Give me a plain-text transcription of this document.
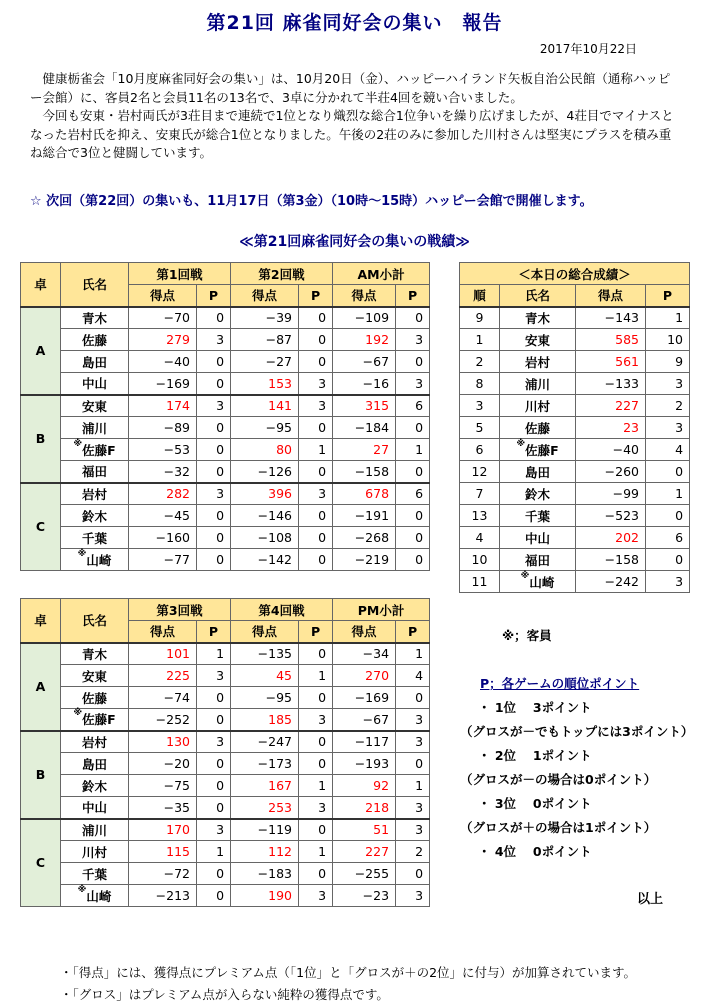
第21回 麻雀同好会の集い　報告
2017年10月22日

健康栃雀会「10月度麻雀同好会の集い」は、10月20日（金）、ハッピーハイランド矢板自治公民館（通称ハッピー会館）に、客員2名と会員11名の13名で、3卓に分かれて半荘4回を競い合いました。

今回も安東・岩村両氏が3荘目まで連続で1位となり熾烈な総合1位争いを繰り広げましたが、4荘目でマイナスとなった岩村氏を抑え、安東氏が総合1位となりました。午後の2荘のみに参加した川村さんは堅実にプラスを積み重ね総合で3位と健闘しています。

☆ 次回（第22回）の集いも、11月17日（第3金）（10時～15時）ハッピー会館で開催します。
≪第21回麻雀同好会の集いの戦績≫
卓	氏名	第1回戦		第2回戦		AM小計	
		得点	P	得点	P	得点	P
A	青木	−70	0	−39	0	−109	0
	佐藤	279	3	−87	0	192	3
	島田	−40	0	−27	0	−67	0
	中山	−169	0	153	3	−16	3
B	安東	174	3	141	3	315	6
	浦川	−89	0	−95	0	−184	0
	※佐藤F	−53	0	80	1	27	1
	福田	−32	0	−126	0	−158	0
C	岩村	282	3	396	3	678	6
	鈴木	−45	0	−146	0	−191	0
	千葉	−160	0	−108	0	−268	0
	※山崎	−77	0	−142	0	−219	0
卓	氏名	第3回戦		第4回戦		PM小計	
		得点	P	得点	P	得点	P
A	青木	101	1	−135	0	−34	1
	安東	225	3	45	1	270	4
	佐藤	−74	0	−95	0	−169	0
	※佐藤F	−252	0	185	3	−67	3
B	岩村	130	3	−247	0	−117	3
	島田	−20	0	−173	0	−193	0
	鈴木	−75	0	167	1	92	1
	中山	−35	0	253	3	218	3
C	浦川	170	3	−119	0	51	3
	川村	115	1	112	1	227	2
	千葉	−72	0	−183	0	−255	0
	※山崎	−213	0	190	3	−23	3
＜本日の総合成績＞			
順	氏名	得点	P
9	青木	−143	1
1	安東	585	10
2	岩村	561	9
8	浦川	−133	3
3	川村	227	2
5	佐藤	23	3
6	※佐藤F	−40	4
12	島田	−260	0
7	鈴木	−99	1
13	千葉	−523	0
4	中山	202	6
10	福田	−158	0
11	※山崎	−242	3
※；客員
P；各ゲームの順位ポイント
・ 1位　 3ポイント
（グロスが－でもトップには3ポイント）
・ 2位　 1ポイント
（グロスが－の場合は0ポイント）
・ 3位　 0ポイント
（グロスが＋の場合は1ポイント）
・ 4位　 0ポイント
以上
・「得点」には、獲得点にプレミアム点（「1位」と「グロスが＋の2位」に付与）が加算されています。
・「グロス」はプレミアム点が入らない純粋の獲得点です。
